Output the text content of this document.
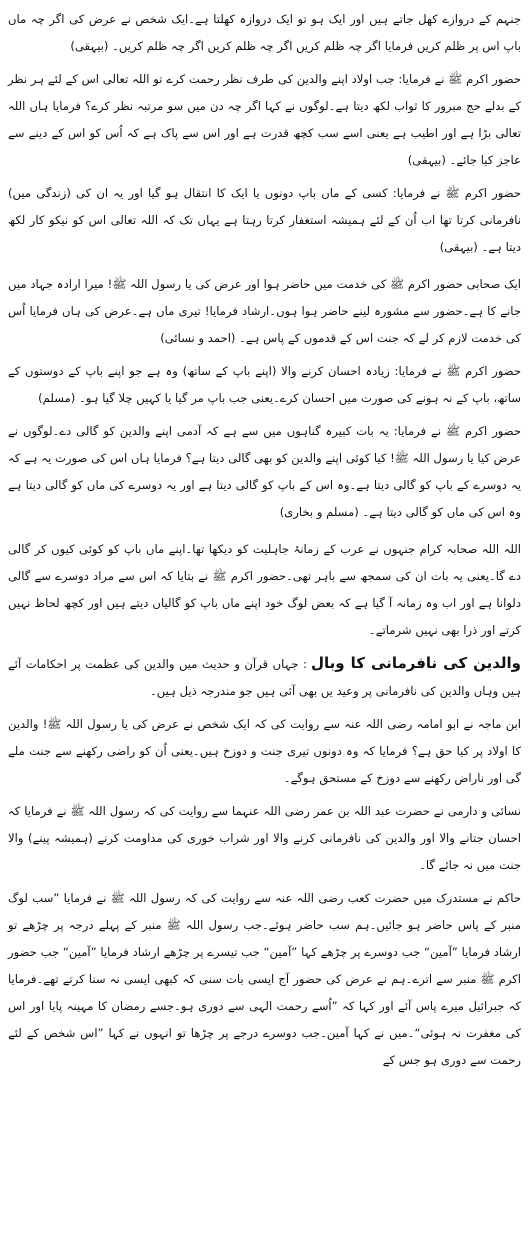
جنہم کے دروازے کھل جاتے ہیں اور ایک ہو تو ایک دروازہ کھلتا ہے۔ایک شخص نے عرض کی اگر چہ ماں باپ اس پر ظلم کریں فرمایا اگر چہ ظلم کریں اگر چہ ظلم کریں اگر چہ ظلم کریں۔ (بیہقی)

حضور اکرم ﷺ نے فرمایا: جب اولاد اپنے والدین کی طرف نظر رحمت کرے تو اللہ تعالی اس کے لئے ہر نظر کے بدلے حج مبرور کا ثواب لکھ دیتا ہے۔لوگوں نے کہا اگر چہ دن میں سو مرتبہ نظر کرے؟ فرمایا ہاں اللہ تعالی بڑا ہے اور اطیب ہے یعنی اسے سب کچھ قدرت ہے اور اس سے پاک ہے کہ اُس کو اس کے دینے سے عاجز کیا جائے۔ (بیہقی)

حضور اکرم ﷺ نے فرمایا: کسی کے ماں باپ دونوں یا ایک کا انتقال ہو گیا اور یہ ان کی (زندگی میں) نافرمانی کرتا تھا اب اُن کے لئے ہمیشہ استغفار کرتا رہتا ہے یہاں تک کہ اللہ تعالی اس کو نیکو کار لکھ دیتا ہے۔ (بیہقی)

ایک صحابی حضور اکرم ﷺ کی خدمت میں حاضر ہوا اور عرض کی یا رسول اللہ ﷺ! میرا ارادہ جہاد میں جانے کا ہے۔حضور سے مشورہ لینے حاضر ہوا ہوں۔ارشاد فرمایا! تیری ماں ہے۔عرض کی ہاں فرمایا اُس کی خدمت لازم کر لے کہ جنت اس کے قدموں کے پاس ہے۔ (احمد و نسائی)

حضور اکرم ﷺ نے فرمایا: زیادہ احسان کرنے والا (اپنے باپ کے ساتھ) وہ ہے جو اپنے باپ کے دوستوں کے ساتھ، باپ کے نہ ہونے کی صورت میں احسان کرے۔یعنی جب باپ مر گیا یا کہیں چلا گیا ہو۔ (مسلم)

حضور اکرم ﷺ نے فرمایا: یہ بات کبیرہ گناہوں میں سے ہے کہ آدمی اپنے والدین کو گالی دے۔لوگوں نے عرض کیا یا رسول اللہ ﷺ! کیا کوئی اپنے والدین کو بھی گالی دیتا ہے؟ فرمایا ہاں اس کی صورت یہ ہے کہ یہ دوسرے کے باپ کو گالی دیتا ہے۔وہ اس کے باپ کو گالی دیتا ہے اور یہ دوسرے کی ماں کو گالی دیتا ہے وہ اس کی ماں کو گالی دیتا ہے۔ (مسلم و بخاری)

اللہ اللہ صحابہ کرام جنہوں نے عرب کے زمانۂ جاہلیت کو دیکھا تھا۔اپنے ماں باپ کو کوئی کیوں کر گالی دے گا۔یعنی یہ بات ان کی سمجھ سے باہر تھی۔حضور اکرم ﷺ نے بتایا کہ اس سے مراد دوسرے سے گالی دلوانا ہے اور اب وہ زمانہ آ گیا ہے کہ بعض لوگ خود اپنے ماں باپ کو گالیاں دیتے ہیں اور کچھ لحاظ نہیں کرتے اور ذرا بھی نہیں شرماتے۔

والدین کی نافرمانی کا وبال: جہاں قرآن و حدیث میں والدین کی عظمت پر احکامات آئے ہیں وہاں والدین کی نافرمانی پر وعید یں بھی آئی ہیں جو مندرجہ ذیل ہیں۔

ابن ماجہ نے ابو امامہ رضی اللہ عنہ سے روایت کی کہ ایک شخص نے عرض کی یا رسول اللہ ﷺ! والدین کا اولاد پر کیا حق ہے؟ فرمایا کہ وہ دونوں تیری جنت و دوزخ ہیں۔یعنی اُن کو راضی رکھنے سے جنت ملے گی اور ناراض رکھنے سے دوزخ کے مستحق ہوگے۔

نسائی و دارمی نے حضرت عبد اللہ بن عمر رضی اللہ عنہما سے روایت کی کہ رسول اللہ ﷺ نے فرمایا کہ احسان جتانے والا اور والدین کی نافرمانی کرنے والا اور شراب خوری کی مداومت کرنے (ہمیشہ پینے) والا جنت میں نہ جائے گا۔

حاکم نے مستدرک میں حضرت کعب رضی اللہ عنہ سے روایت کی کہ رسول اللہ ﷺ نے فرمایا ”سب لوگ منبر کے پاس حاضر ہو جائیں۔ہم سب حاضر ہوئے۔جب رسول اللہ ﷺ منبر کے پہلے درجہ پر چڑھے تو ارشاد فرمایا ”آمین“ جب دوسرے پر چڑھے کہا ”آمین“ جب تیسرے پر چڑھے ارشاد فرمایا ”آمین“ جب حضور اکرم ﷺ منبر سے اترے۔ہم نے عرض کی حضور آج ایسی بات سنی کہ کبھی ایسی نہ سنا کرتے تھے۔فرمایا کہ جبرائیل میرے پاس آئے اور کہا کہ ”اُسے رحمت الہی سے دوری ہو۔جسے رمضان کا مہینہ پایا اور اس کی مغفرت نہ ہوئی“۔میں نے کہا آمین۔جب دوسرے درجے پر چڑھا تو انہوں نے کہا ”اس شخص کے لئے رحمت سے دوری ہو جس کے
